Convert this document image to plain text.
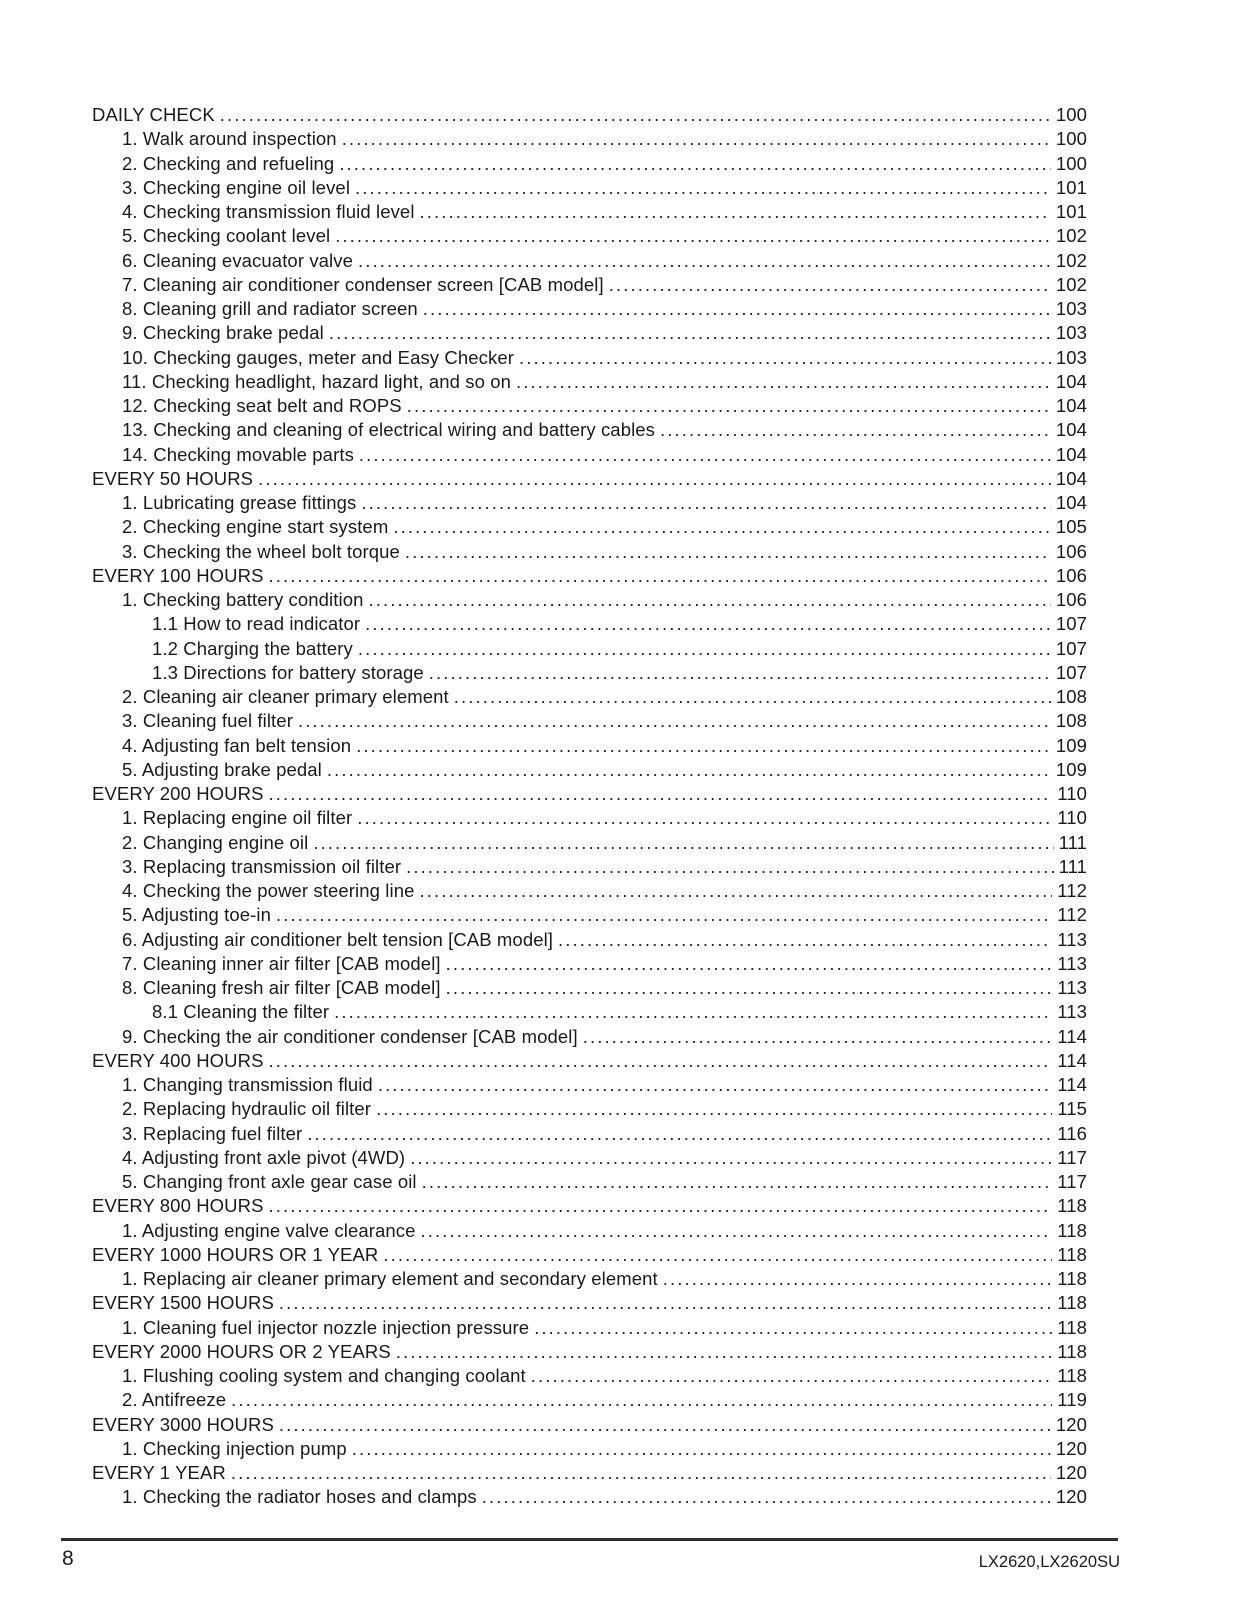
DAILY CHECK .....	100
1. Walk around inspection .....	100
2. Checking and refueling .....	100
3. Checking engine oil level .....	101
4. Checking transmission fluid level .....	101
5. Checking coolant level .....	102
6. Cleaning evacuator valve .....	102
7. Cleaning air conditioner condenser screen [CAB model] .....	102
8. Cleaning grill and radiator screen .....	103
9. Checking brake pedal .....	103
10. Checking gauges, meter and Easy Checker .....	103
11. Checking headlight, hazard light, and so on .....	104
12. Checking seat belt and ROPS .....	104
13. Checking and cleaning of electrical wiring and battery cables .....	104
14. Checking movable parts .....	104
EVERY 50 HOURS .....	104
1. Lubricating grease fittings .....	104
2. Checking engine start system .....	105
3. Checking the wheel bolt torque .....	106
EVERY 100 HOURS .....	106
1. Checking battery condition .....	106
1.1 How to read indicator .....	107
1.2 Charging the battery .....	107
1.3 Directions for battery storage .....	107
2. Cleaning air cleaner primary element .....	108
3. Cleaning fuel filter .....	108
4. Adjusting fan belt tension .....	109
5. Adjusting brake pedal .....	109
EVERY 200 HOURS .....	110
1. Replacing engine oil filter .....	110
2. Changing engine oil .....	111
3. Replacing transmission oil filter .....	111
4. Checking the power steering line .....	112
5. Adjusting toe-in .....	112
6. Adjusting air conditioner belt tension [CAB model] .....	113
7. Cleaning inner air filter [CAB model] .....	113
8. Cleaning fresh air filter [CAB model] .....	113
8.1 Cleaning the filter .....	113
9. Checking the air conditioner condenser [CAB model] .....	114
EVERY 400 HOURS .....	114
1. Changing transmission fluid .....	114
2. Replacing hydraulic oil filter .....	115
3. Replacing fuel filter .....	116
4. Adjusting front axle pivot (4WD) .....	117
5. Changing front axle gear case oil .....	117
EVERY 800 HOURS .....	118
1. Adjusting engine valve clearance .....	118
EVERY 1000 HOURS OR 1 YEAR .....	118
1. Replacing air cleaner primary element and secondary element .....	118
EVERY 1500 HOURS .....	118
1. Cleaning fuel injector nozzle injection pressure .....	118
EVERY 2000 HOURS OR 2 YEARS .....	118
1. Flushing cooling system and changing coolant .....	118
2. Antifreeze .....	119
EVERY 3000 HOURS .....	120
1. Checking injection pump .....	120
EVERY 1 YEAR .....	120
1. Checking the radiator hoses and clamps .....	120
8	LX2620,LX2620SU
